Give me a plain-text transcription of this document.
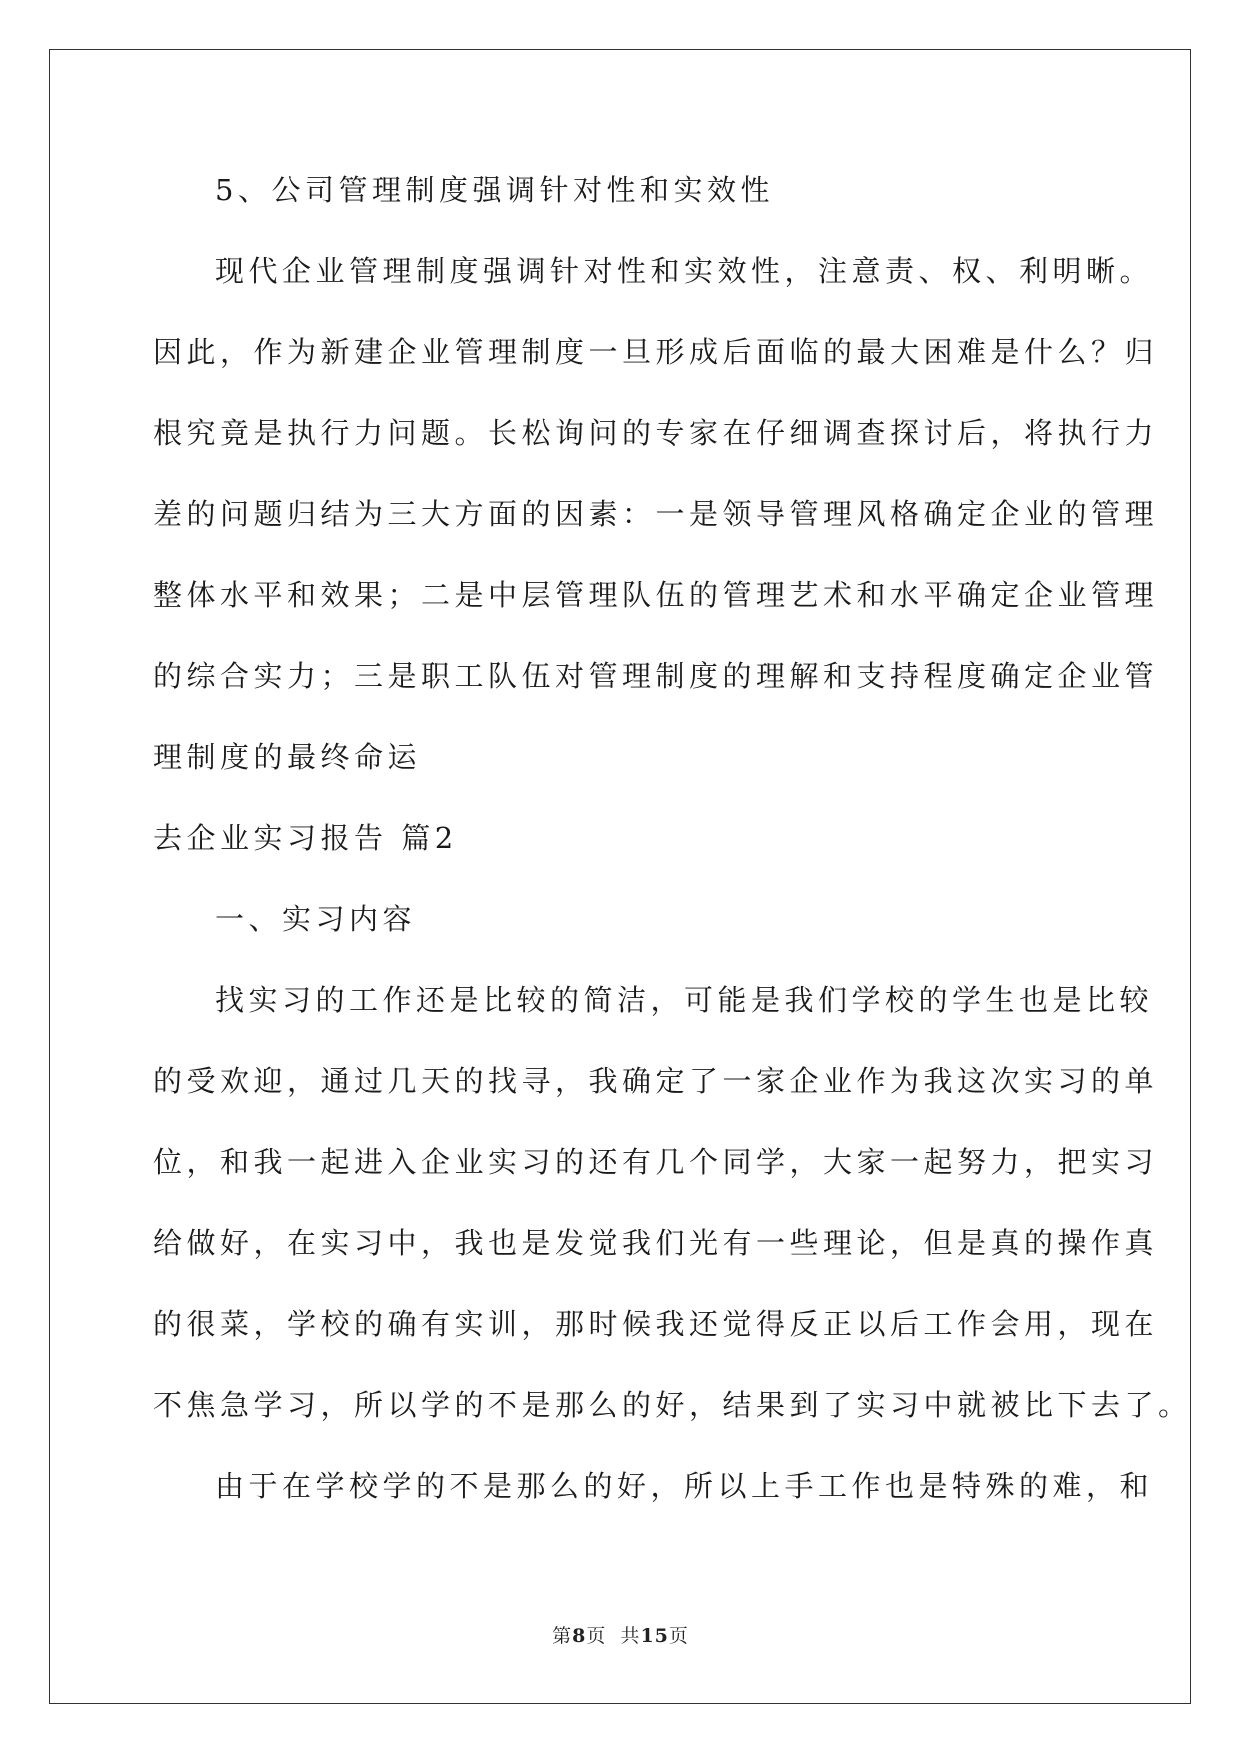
5、公司管理制度强调针对性和实效性
现代企业管理制度强调针对性和实效性，注意责、权、利明晰。
因此，作为新建企业管理制度一旦形成后面临的最大困难是什么？归
根究竟是执行力问题。长松询问的专家在仔细调查探讨后，将执行力
差的问题归结为三大方面的因素：一是领导管理风格确定企业的管理
整体水平和效果；二是中层管理队伍的管理艺术和水平确定企业管理
的综合实力；三是职工队伍对管理制度的理解和支持程度确定企业管
理制度的最终命运
去企业实习报告 篇2
一、实习内容
找实习的工作还是比较的简洁，可能是我们学校的学生也是比较
的受欢迎，通过几天的找寻，我确定了一家企业作为我这次实习的单
位，和我一起进入企业实习的还有几个同学，大家一起努力，把实习
给做好，在实习中，我也是发觉我们光有一些理论，但是真的操作真
的很菜，学校的确有实训，那时候我还觉得反正以后工作会用，现在
不焦急学习，所以学的不是那么的好，结果到了实习中就被比下去了。
由于在学校学的不是那么的好，所以上手工作也是特殊的难，和
第8页  共15页
